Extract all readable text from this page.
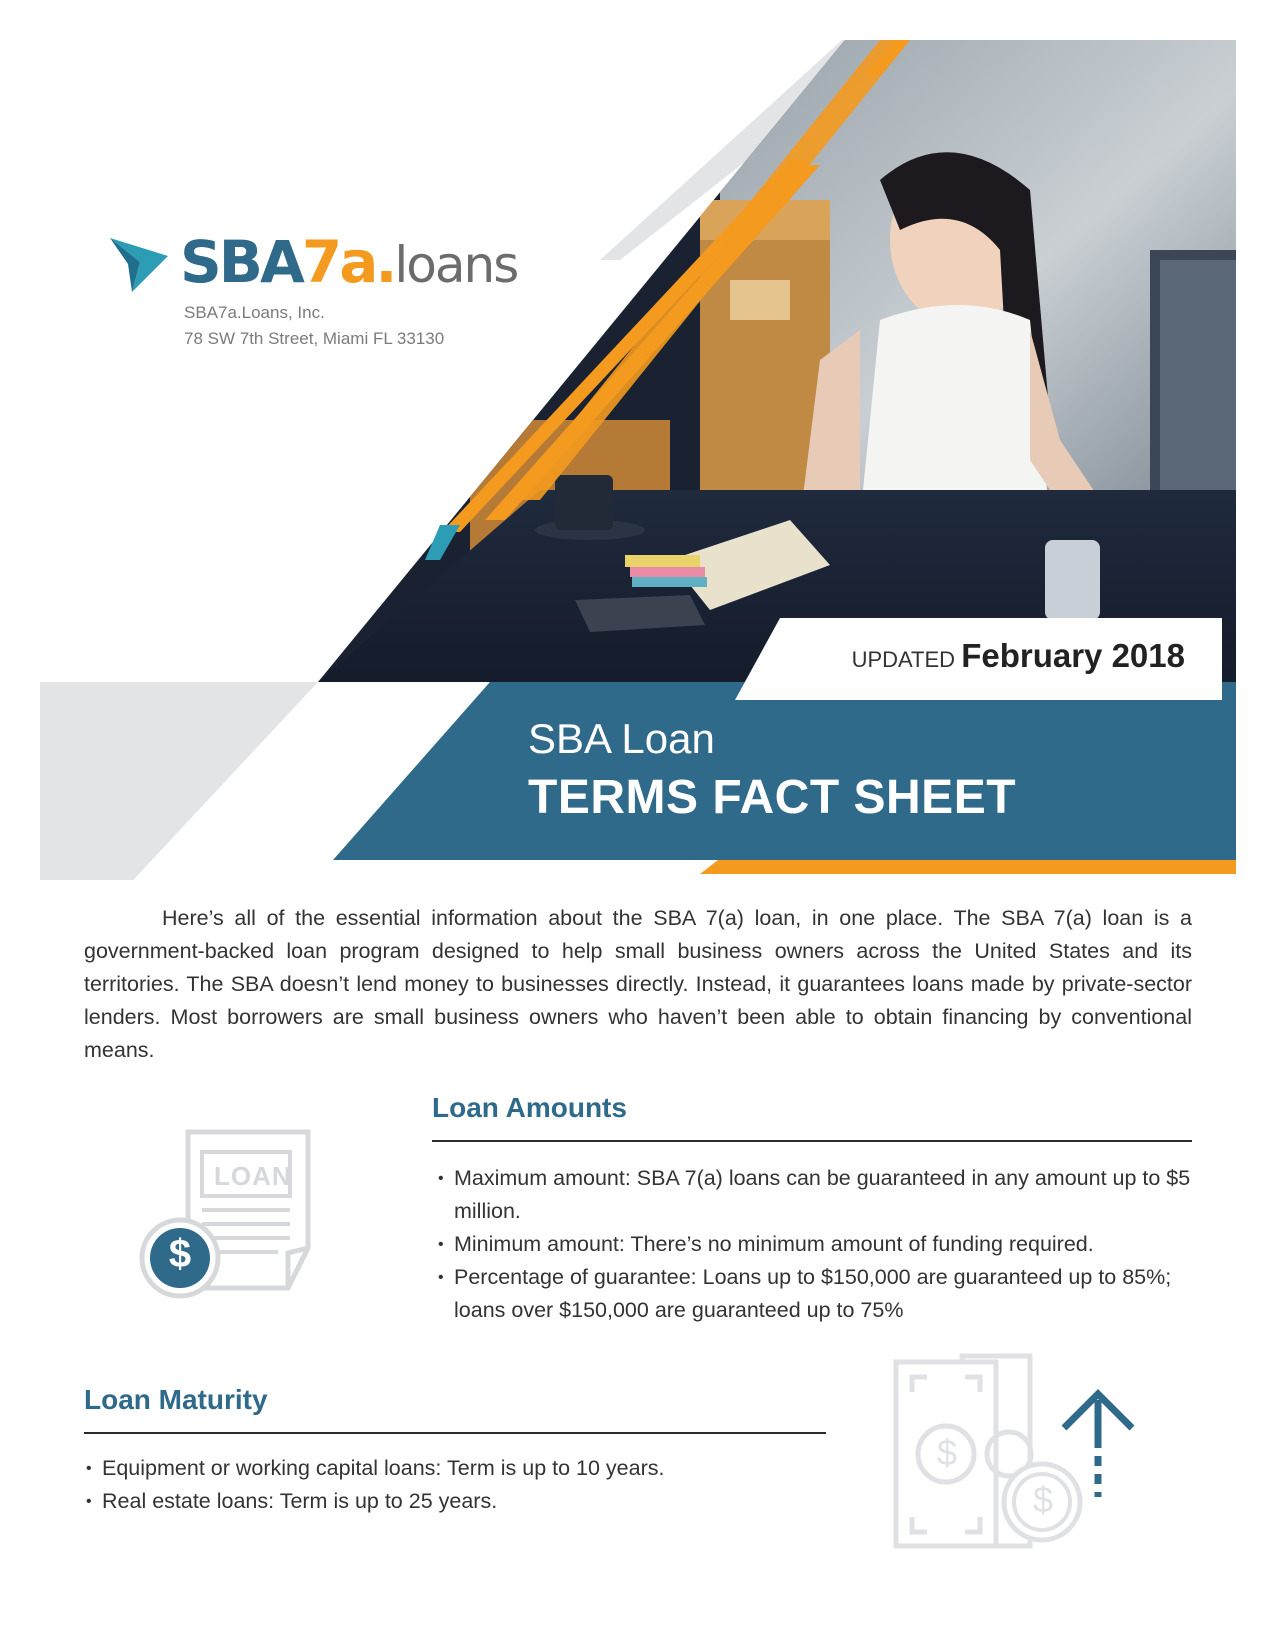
SBA7a.loans
SBA7a.Loans, Inc.
78 SW 7th Street, Miami FL 33130
UPDATED February 2018
SBA Loan
TERMS FACT SHEET
Here’s all of the essential information about the SBA 7(a) loan, in one place. The SBA 7(a) loan is a government-backed loan program designed to help small business owners across the United States and its territories. The SBA doesn’t lend money to businesses directly. Instead, it guarantees loans made by private-sector lenders. Most borrowers are small business owners who haven’t been able to obtain financing by conventional means.
Loan Amounts
• Maximum amount: SBA 7(a) loans can be guaranteed in any amount up to $5 million.
• Minimum amount: There’s no minimum amount of funding required.
• Percentage of guarantee: Loans up to $150,000 are guaranteed up to 85%; loans over $150,000 are guaranteed up to 75%
LOAN
$
Loan Maturity
• Equipment or working capital loans: Term is up to 10 years.
• Real estate loans: Term is up to 25 years.
$
$
